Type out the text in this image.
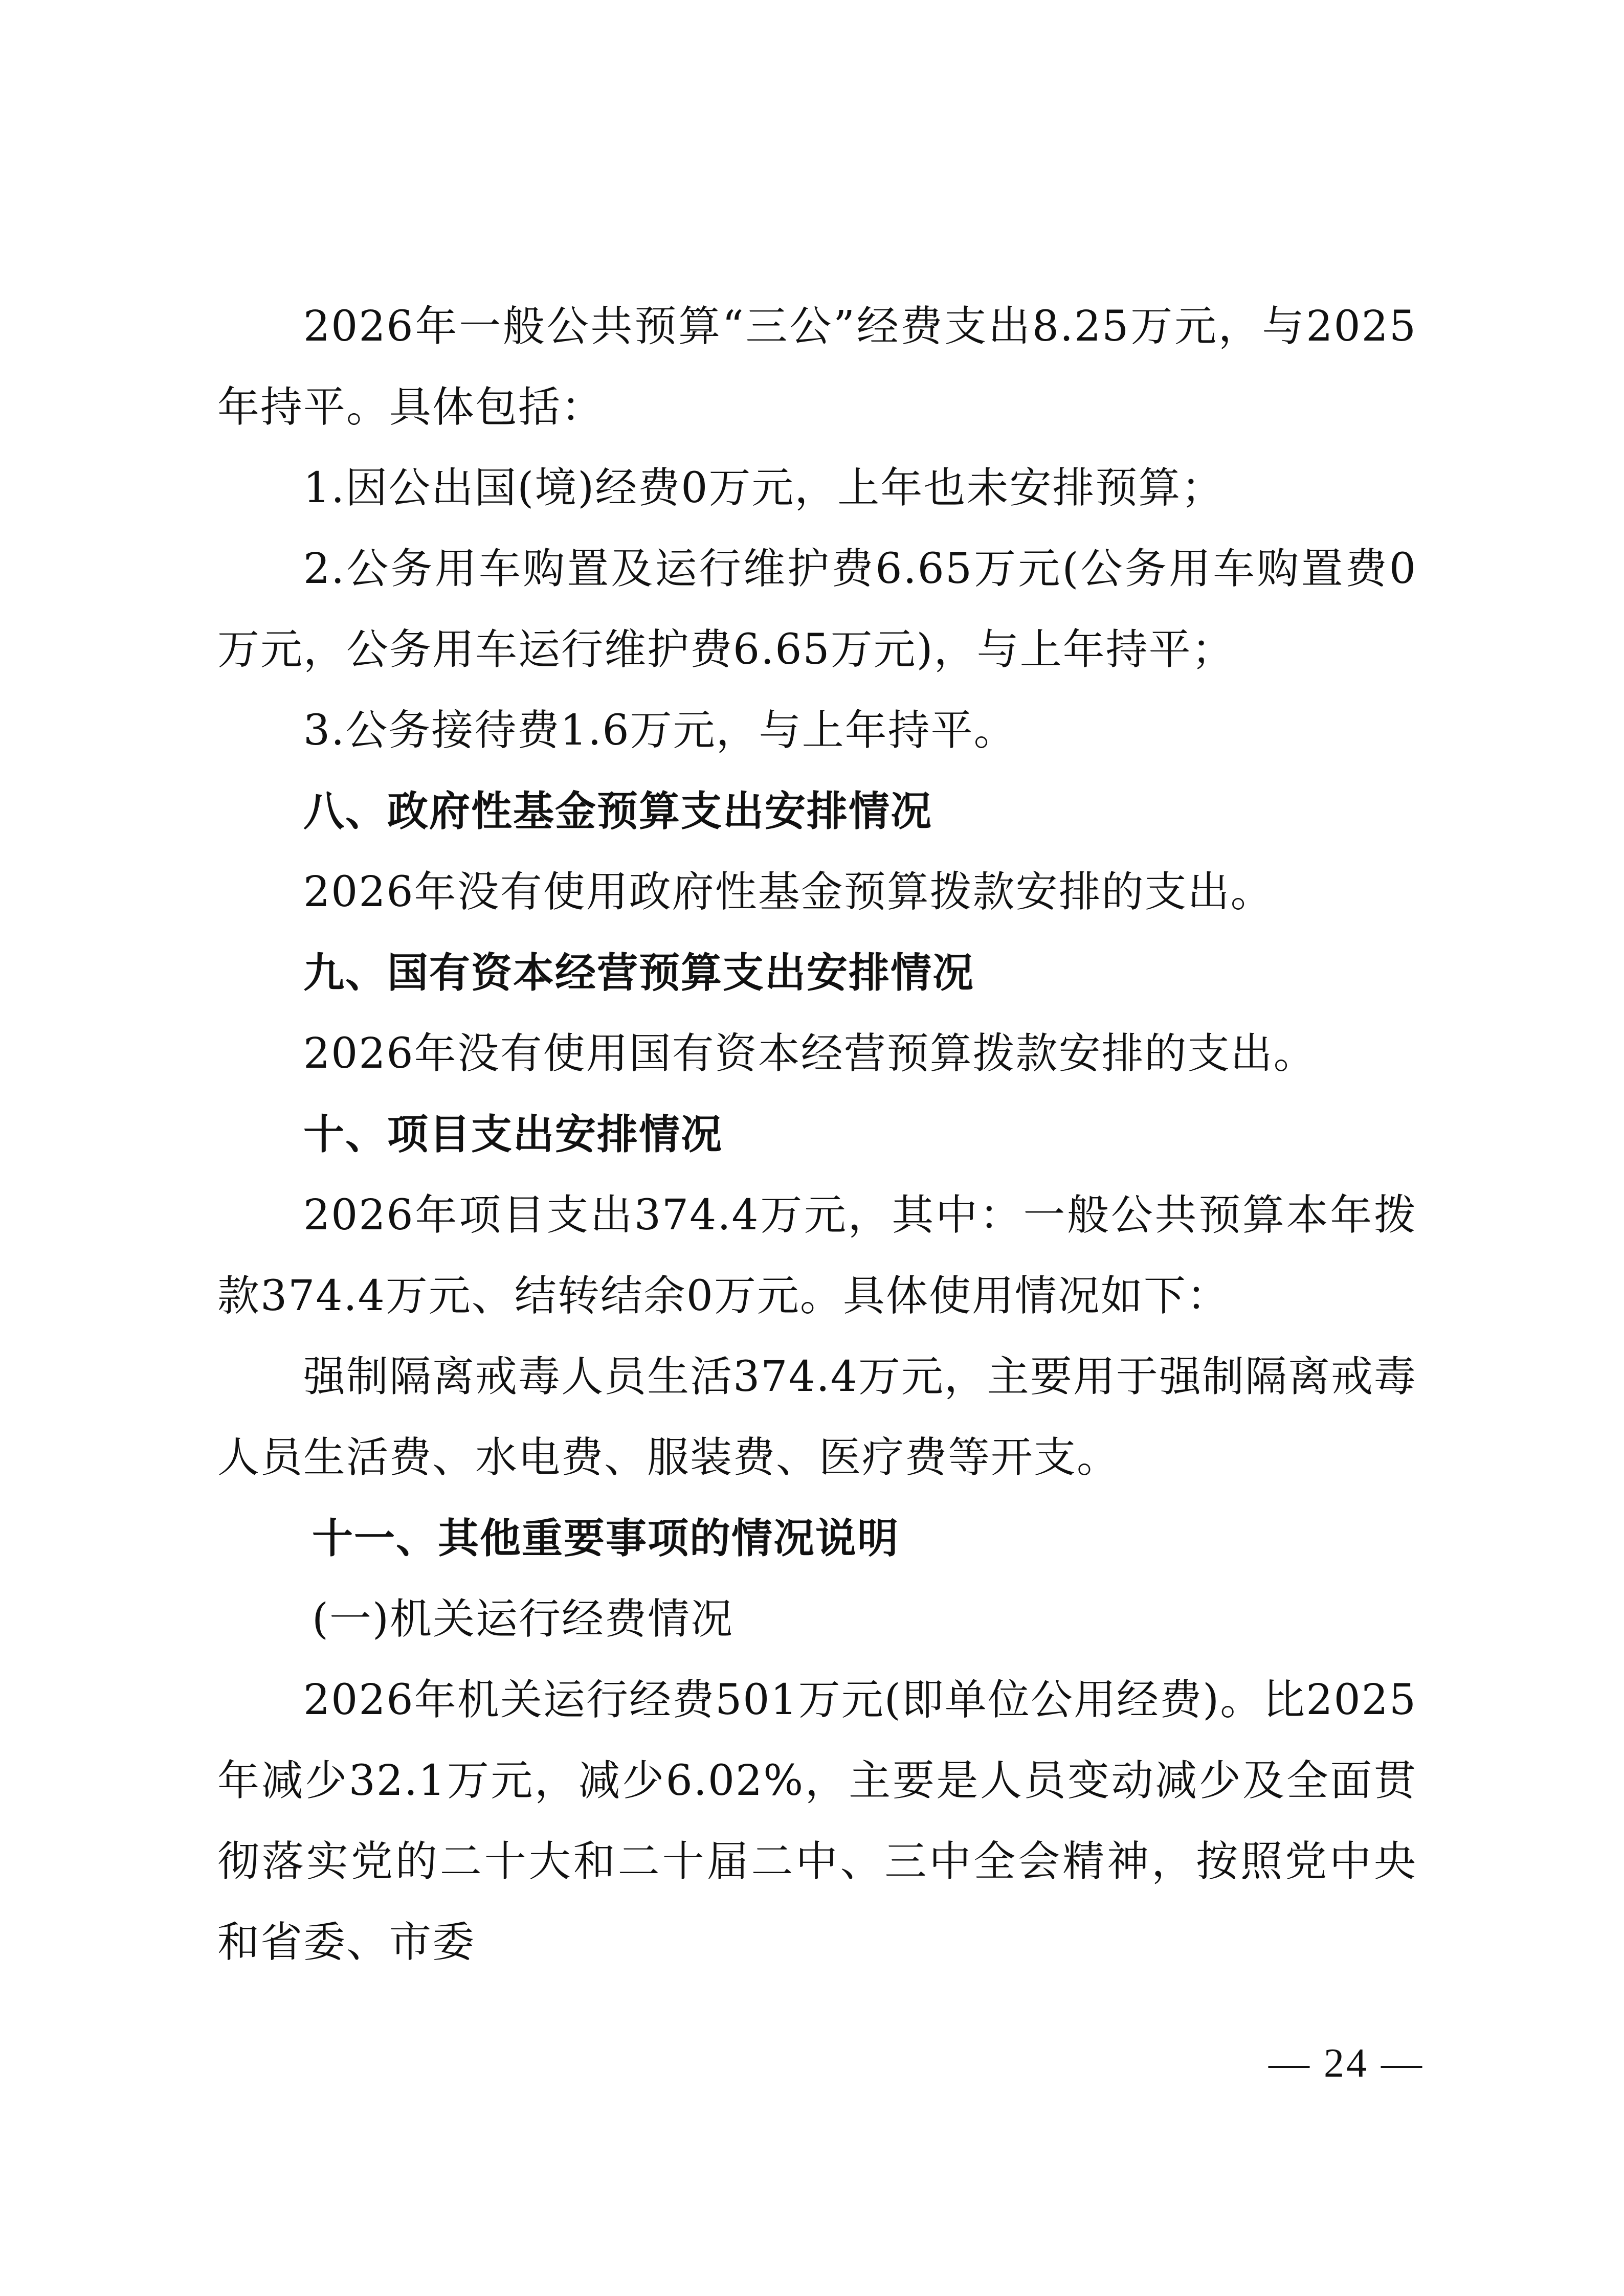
2026年一般公共预算“三公”经费支出8.25万元，与2025年持平。具体包括：

1.因公出国(境)经费0万元，上年也未安排预算；

2.公务用车购置及运行维护费6.65万元(公务用车购置费0万元，公务用车运行维护费6.65万元)，与上年持平；

3.公务接待费1.6万元，与上年持平。

八、政府性基金预算支出安排情况

2026年没有使用政府性基金预算拨款安排的支出。

九、国有资本经营预算支出安排情况

2026年没有使用国有资本经营预算拨款安排的支出。

十、项目支出安排情况

2026年项目支出374.4万元，其中：一般公共预算本年拨款374.4万元、结转结余0万元。具体使用情况如下：

强制隔离戒毒人员生活374.4万元，主要用于强制隔离戒毒人员生活费、水电费、服装费、医疗费等开支。

十一、其他重要事项的情况说明

(一)机关运行经费情况

2026年机关运行经费501万元(即单位公用经费)。比2025年减少32.1万元，减少6.02%，主要是人员变动减少及全面贯彻落实党的二十大和二十届二中、三中全会精神，按照党中央和省委、市委

— 24 —
